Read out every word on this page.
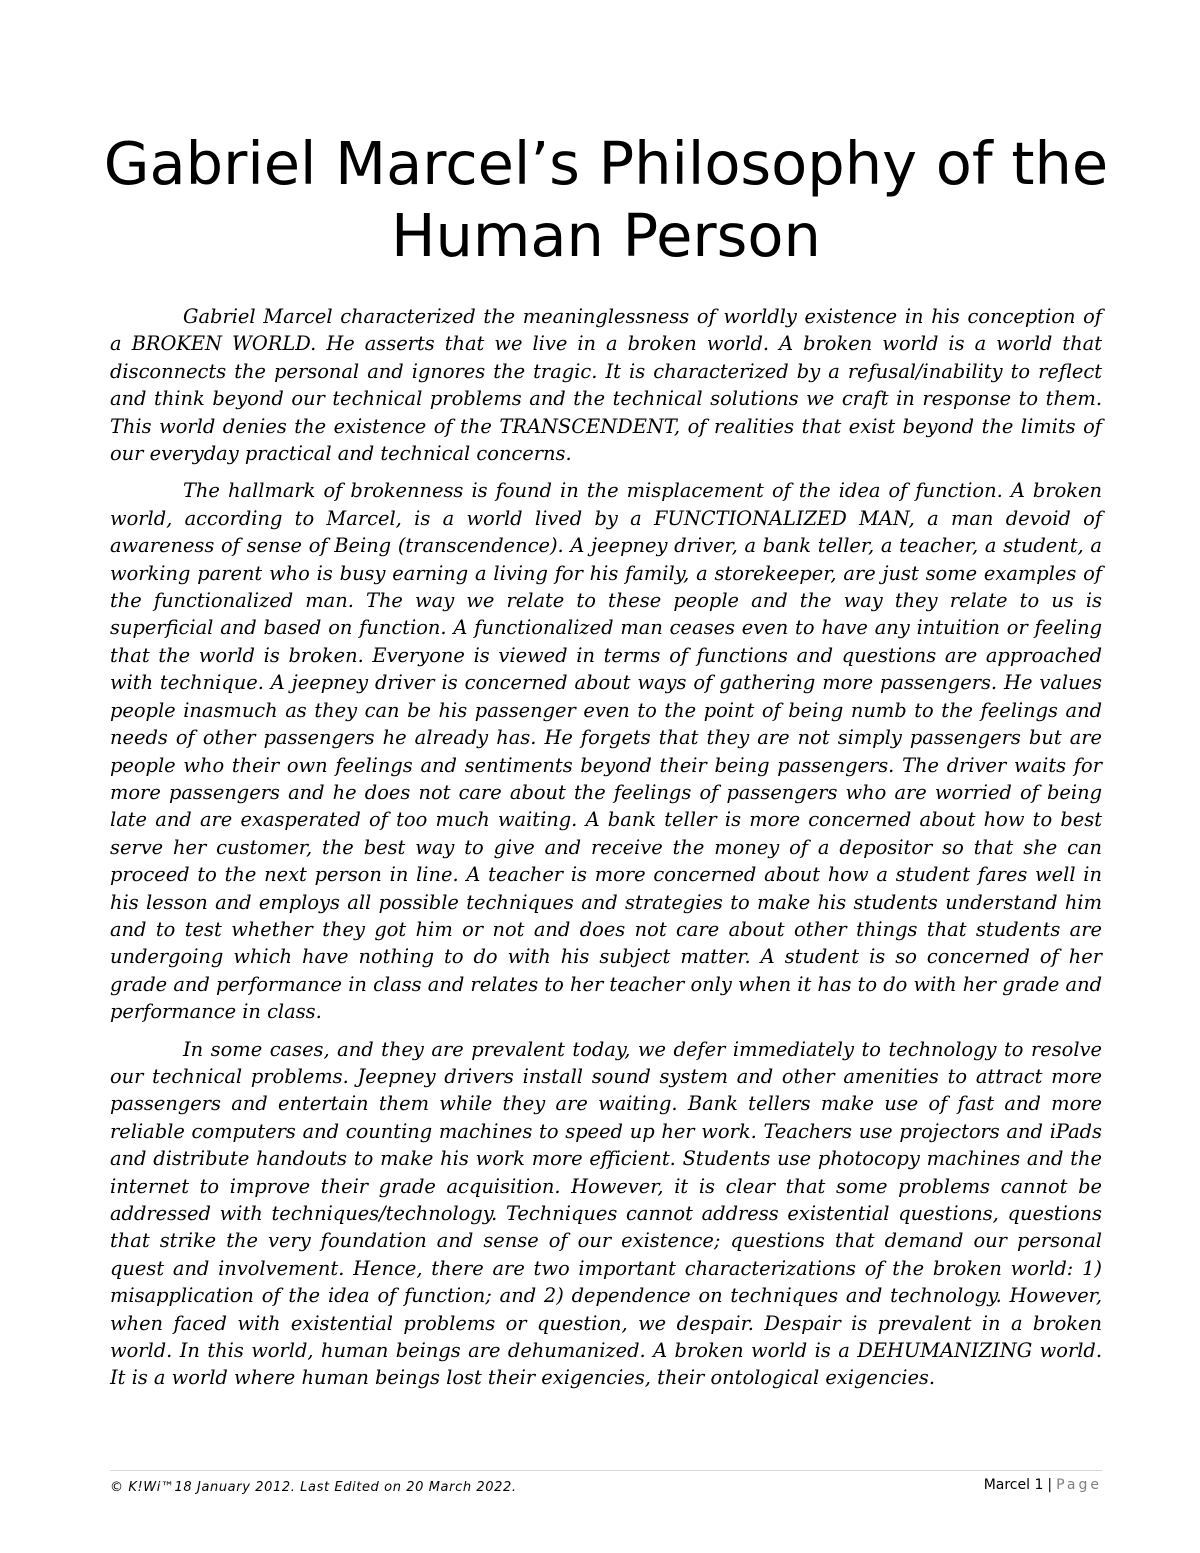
Gabriel Marcel’s Philosophy of the Human Person

Gabriel Marcel characterized the meaninglessness of worldly existence in his conception of a BROKEN WORLD. He asserts that we live in a broken world. A broken world is a world that disconnects the personal and ignores the tragic. It is characterized by a refusal/inability to reflect and think beyond our technical problems and the technical solutions we craft in response to them. This world denies the existence of the TRANSCENDENT, of realities that exist beyond the limits of our everyday practical and technical concerns.

The hallmark of brokenness is found in the misplacement of the idea of function. A broken world, according to Marcel, is a world lived by a FUNCTIONALIZED MAN, a man devoid of awareness of sense of Being (transcendence). A jeepney driver, a bank teller, a teacher, a student, a working parent who is busy earning a living for his family, a storekeeper, are just some examples of the functionalized man. The way we relate to these people and the way they relate to us is superficial and based on function. A functionalized man ceases even to have any intuition or feeling that the world is broken. Everyone is viewed in terms of functions and questions are approached with technique. A jeepney driver is concerned about ways of gathering more passengers. He values people inasmuch as they can be his passenger even to the point of being numb to the feelings and needs of other passengers he already has. He forgets that they are not simply passengers but are people who their own feelings and sentiments beyond their being passengers. The driver waits for more passengers and he does not care about the feelings of passengers who are worried of being late and are exasperated of too much waiting. A bank teller is more concerned about how to best serve her customer, the best way to give and receive the money of a depositor so that she can proceed to the next person in line. A teacher is more concerned about how a student fares well in his lesson and employs all possible techniques and strategies to make his students understand him and to test whether they got him or not and does not care about other things that students are undergoing which have nothing to do with his subject matter. A student is so concerned of her grade and performance in class and relates to her teacher only when it has to do with her grade and performance in class.

In some cases, and they are prevalent today, we defer immediately to technology to resolve our technical problems. Jeepney drivers install sound system and other amenities to attract more passengers and entertain them while they are waiting. Bank tellers make use of fast and more reliable computers and counting machines to speed up her work. Teachers use projectors and iPads and distribute handouts to make his work more efficient. Students use photocopy machines and the internet to improve their grade acquisition. However, it is clear that some problems cannot be addressed with techniques/technology. Techniques cannot address existential questions, questions that strike the very foundation and sense of our existence; questions that demand our personal quest and involvement. Hence, there are two important characterizations of the broken world: 1) misapplication of the idea of function; and 2) dependence on techniques and technology. However, when faced with existential problems or question, we despair. Despair is prevalent in a broken world. In this world, human beings are dehumanized. A broken world is a DEHUMANIZING world. It is a world where human beings lost their exigencies, their ontological exigencies.

© K!Wi™18 January 2012. Last Edited on 20 March 2022.	Marcel 1 | Page
